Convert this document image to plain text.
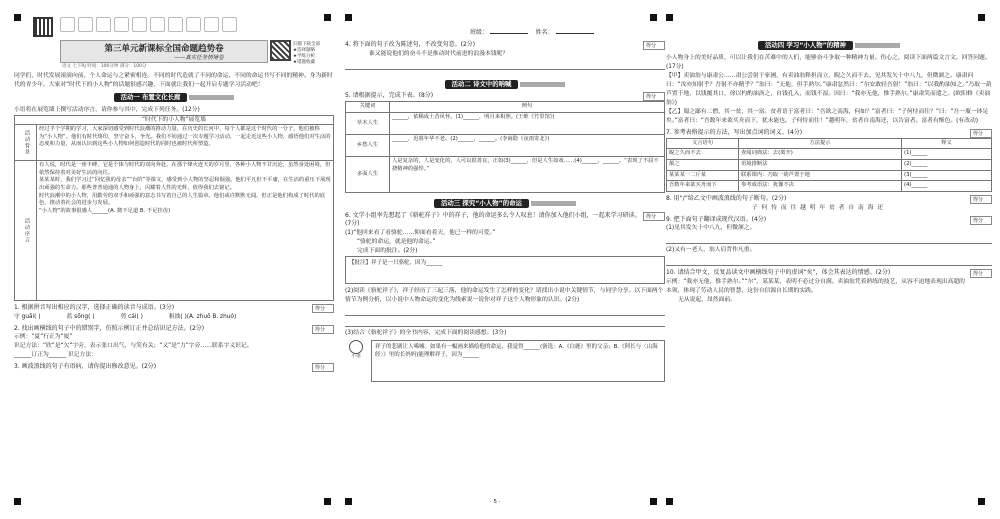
第三单元新课标全国命题趋势卷
——真实任务情境卷
扫描下载全部
★选择题略
★学练分析
★错题收藏
语文 七下RJ 时间：100分钟 满分：100分
班级：	姓名：

同学们，时代发展滚滚向前，个人命运与之紧密相连。不同的时代造就了不同的命运，不同的命运书写不同的精神。身为新时代的青少年，大家对“时代下的小人物”的话题很感兴趣，下面就让我们一起开启专题学习活动吧！

活动一 布置文化长廊

小语将在展览墙上撰写活动序言，请你参与其中，完成下列任务。(12分)

“时代下的小人物”展览墙
活动背景	经过半个学期的学习，大家深切感受到时代浪潮的推动力量，在历史的长河中，每个人都是这个时代的一分子，他们被称为“小人物”。他们有时代烙印，坚守奋斗，争光。我们不妨通过一次专题学习活动，一起走近这些小人物，感悟他们对生活的态度和力量，从而认识到这些小人物如何创造时代的同时也被时代所塑造。
活动序言	有人说，时代是一座丰碑，它是个体与时代的双向奔赴。在那个烽火连天的岁月里，各种小人物不甘沉沦，虽然身处困境，但依然保持着对美好生活的向往。

某某某时，我们学习过“回忆我的母亲”“台阶”等课文，感受到小人物的坚忍和倔强。他们平凡但不平庸，在生活的重压下展现出顽强的生命力。那些普普通通的人物身上，闪耀着人性的光辉，值得我们去铭记。

时代浪潮中的小人物，用勤劳的双手和顽强的意志书写着自己的人生篇章。他们或许默默无闻，但正是他们构成了时代的底色，推动着社会的进步与发展。

“小人物”的故事很感人______(A. 微不足道 B. 不足挂齿)

得分
1. 根据拼音写出相应的汉字，选择正确的读音与成语。(3分)
守 guǎi( )	蓝 sōng( )	剪 cái( )	粗拙( )(A. zhuō B. zhuó)
得分
2. 找出画横线的句子中的错别字，仿照示例订正并总结识记方法。(2分)

示例：“夏”行正为“厦”

识记方法：“欣”是“欠”字旁，表示张口出气，与笑有关；“又”是“力”字旁……联系字义识记。

______订正为______ 识记方法：

得分
3. 画波浪线的句子有语病，请你提出修改意见。(2分)
得分
4. 将下面的句子改为陈述句，不改变句意。(2分)

谁又能说他们的奋斗不是推动时代前进的浪漫本钱呢？

活动二 诗文中的呐喊
得分
5. 请根据提示，完成下表。(8分)
关键词	例句
草木人生	______，依稀成土昔风怀。(1)______，明月来相照。(王维《竹里馆》)
乡愁人生	______，迟暮年华不老。(2)______，______。(李商隐《夜雨寄北》)
多面人生	人是复杂的，人是变化的，人可以很善良，正如(3)______，但是人生如戏……(4)______，______。“表现了不屈不挠精神的强悍。”
活动三 探究“小人物”的命运
得分
6. 文学小组率先想起了《骆驼祥子》中的祥子，他的命运多么令人叹息！请你加入他们小组，一起来学习研读。(7分)

(1)“他回来看了看骆驼……仰面看着天，他已一样的可爱。”

“骆驼的命运，就是他的命运。”

完成下面的批注。(2分)

【批注】祥子是一只骆驼，因为______

(2)阅读《骆驼祥子》，祥子经历了三起三落，他的命运发生了怎样的变化？请找出小说中关键情节，与同学分享。以下面两个情节为例分析，以小说中人物命运的变化为线索说一说你对祥子这个人物形象的认识。(2分)

(3)结合《骆驼祥子》的全书内容，完成下面的阅读感想。(3分)

小语
祥子的悲剧让人唏嘘。如果有一幅画来描绘他的命运，我觉得______(备选：A.《白鹿》里的父亲；B.《阿长与〈山海经〉》里的长妈妈)能理解祥子，因为______
活动四 学习“小人物”的精神

小人物身上的美好品质，可以让我们在苦难中的人们，能够奋斗争取一种精神力量。伤心之，阅读下面两篇文言文，回答问题。(17分)

【甲】卖油翁与康肃公……肃公尝射于家圃，有卖油翁释担而立，睨之久而不去。见其发矢十中八九，但微颔之。康肃问曰：“汝亦知射乎？吾射不亦精乎？”翁曰：“无他，但手熟尔。”康肃忿然曰：“尔安敢轻吾射！”翁曰：“以我酌油知之。”乃取一葫芦置于地，以钱覆其口，徐以杓酌油沥之，自钱孔入，而钱不湿。因曰：“我亦无他，惟手熟尔。”康肃笑而遣之。(欧阳修《卖油翁》)

【乙】蜀之鄙有二僧，其一贫，其一富。贫者语于富者曰：“吾欲之南海，何如？”富者曰：“子何恃而往？”曰：“吾一瓶一钵足矣。”富者曰：“吾数年来欲买舟而下，犹未能也。子何恃而往！”越明年，贫者自南海还，以告富者。富者有惭色。(有改动)

得分
7. 参考表格提示的方法，写出加点词的词义。(4分)
文言语句	方法提示	释义
睨之久而不去	查阅词典法：去(离开)	(1)______
颔之	语境推断法	(2)______
某某某一二斤某	联系课内：乃取一葫芦置于地	(3)______
吾数年来欲买舟而下	参考成语法：犹豫不决	(4)______
得分
8. 用“/”给乙文中画波浪线的句子断句。(2分)

子 何 恃 而 往 越 明 年 贫 者 自 南 海 还

得分
9. 把下面句子翻译成现代汉语。(4分)

(1)见其发矢十中八九，但微颔之。

(2)又有一老人，翁人肩背作凡重。

得分
10. 请结合甲文，反复品读文中画横线句子中的虚词“矣”，体会其表达的情感。(2分)

示例：“我亦无他，惟手熟尔。”“尔”，某某某，表明不必过分自满。卖油翁凭着熟练的技艺，从容不迫地表现出高超的本领，体现了劳动人民的智慧，这份自信源自长期的实践。

无从说起，昂然面前。

· 5 ·
